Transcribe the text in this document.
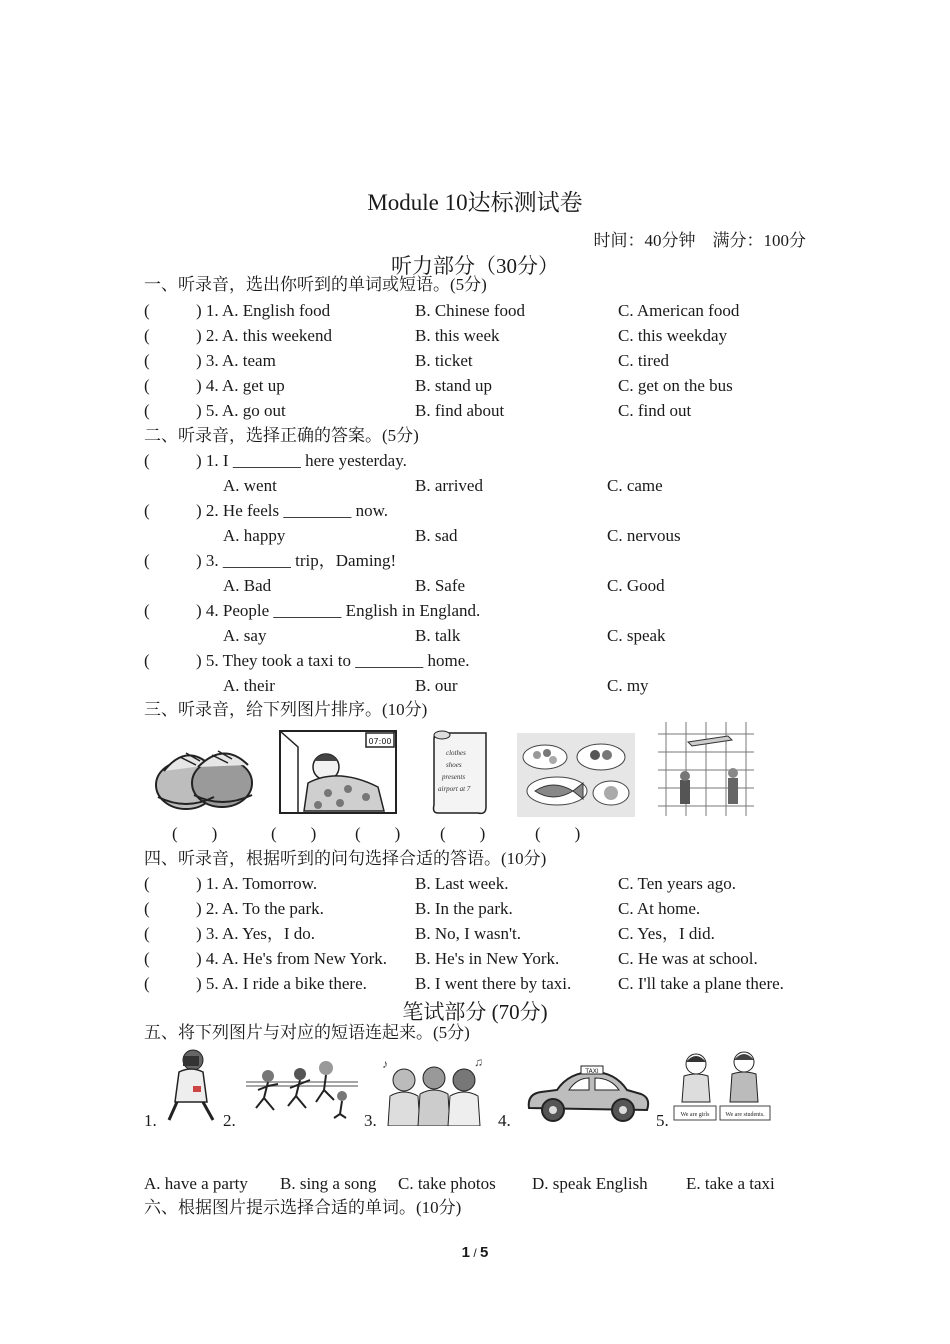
Module 10达标测试卷
时间：40分钟    满分：100分
听力部分（30分）
一、听录音，选出你听到的单词或短语。(5分)
(	) 1. A. English food	B. Chinese food	C. American food
(	) 2. A. this weekend	B. this week	C. this weekday
(	) 3. A. team	B. ticket	C. tired
(	) 4. A. get up	B. stand up	C. get on the bus
(	) 5. A. go out	B. find about	C. find out
二、听录音，选择正确的答案。(5分)
(	) 1. I ________ here yesterday.
A. went	B. arrived	C. came
(	) 2. He feels ________ now.
A. happy	B. sad	C. nervous
(	) 3. ________ trip，Daming!
A. Bad	B. Safe	C. Good
(	) 4. People ________ English in England.
A. say	B. talk	C. speak
(	) 5. They took a taxi to ________ home.
A. their	B. our	C. my
三、听录音，给下列图片排序。(10分)
07:00
clothes
shoes
presents
airport at 7
(        )	(        ) (        ) (        )	(        )
四、听录音，根据听到的问句选择合适的答语。(10分)
(	) 1. A. Tomorrow.	B. Last week.	C. Ten years ago.
(	) 2. A. To the park.	B. In the park.	C. At home.
(	) 3. A. Yes，I do.	B. No, I wasn't.	C. Yes，I did.
(	) 4. A. He's from New York. B. He's in New York.	C. He was at school.
(	) 5. A. I ride a bike there.	B. I went there by taxi.	C. I'll take a plane there.
笔试部分 (70分)
五、将下列图片与对应的短语连起来。(5分)
1.	2.	3.
♪	♫
4.
TAXI
5. We are girls	We are students.
A. have a party B. sing a song C. take photos D. speak English E. take a taxi
六、根据图片提示选择合适的单词。(10分)
1 / 5
